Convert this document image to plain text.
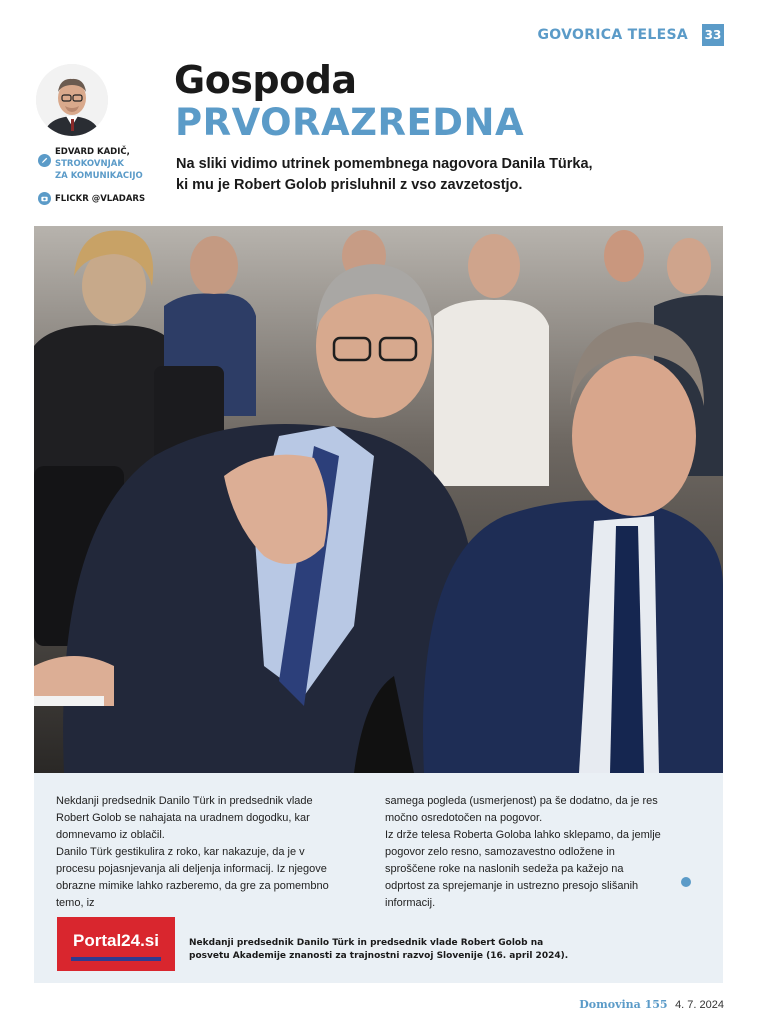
GOVORICA TELESA 33
EDVARD KADIČ,
STROKOVNJAK
ZA KOMUNIKACIJO
FLICKR @VLADARS
Gospoda
PRVORAZREDNA
Na sliki vidimo utrinek pomembnega nagovora Danila Türka, ki mu je Robert Golob prisluhnil z vso zavzetostjo.

Nekdanji predsednik Danilo Türk in predsednik vlade Robert Golob se nahajata na uradnem dogodku, kar domnevamo iz oblačil.

Danilo Türk gestikulira z roko, kar nakazuje, da je v procesu pojasnjevanja ali deljenja informacij. Iz njegove obrazne mimike lahko razberemo, da gre za pomembno temo, iz

samega pogleda (usmerjenost) pa še dodatno, da je res močno osredotočen na pogovor.

Iz drže telesa Roberta Goloba lahko sklepamo, da jemlje pogovor zelo resno, samozavestno odložene in sproščene roke na naslonih sedeža pa kažejo na odprtost za sprejemanje in ustrezno presojo slišanih informacij.

Portal24.si	Nekdanji predsednik Danilo Türk in predsednik vlade Robert Golob na posvetu Akademije znanosti za trajnostni razvoj Slovenije (16. april 2024).
Domovina 155 4. 7. 2024
